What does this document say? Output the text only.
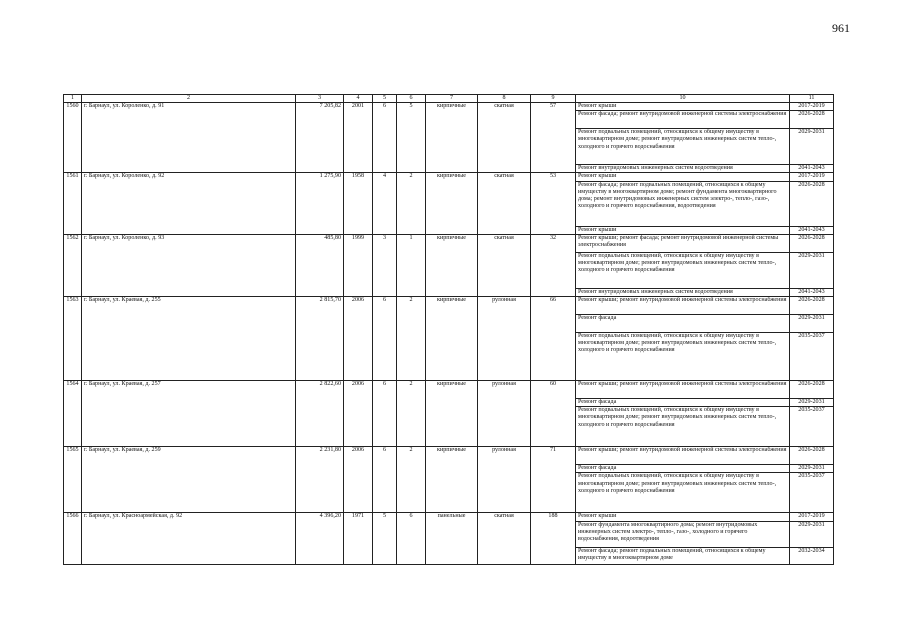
961
1	2	3	4	5	6	7	8	9	10	11
1560	г. Барнаул, ул. Короленко, д. 91	7 205,82	2001	6	5	кирпичные	скатная	57	Ремонт крыши	2017-2019
									Ремонт фасада; ремонт внутридомовой инженерной системы электроснабжения	2026-2028
									Ремонт подвальных помещений, относящихся к общему имуществу в многоквартирном доме; ремонт внутридомовых инженерных систем тепло-, холодного и горячего водоснабжения	2029-2031
									Ремонт внутридомовых инженерных систем водоотведения	2041-2043
1561	г. Барнаул, ул. Короленко, д. 92	1 275,90	1958	4	2	кирпичные	скатная	53	Ремонт крыши	2017-2019
									Ремонт фасада; ремонт подвальных помещений, относящихся к общему имуществу в многоквартирном доме; ремонт фундамента многоквартирного дома; ремонт внутридомовых инженерных систем электро-, тепло-, газо-, холодного и горячего водоснабжения, водоотведения	2026-2028
									Ремонт крыши	2041-2043
1562	г. Барнаул, ул. Короленко, д. 93	485,80	1999	3	1	кирпичные	скатная	32	Ремонт крыши; ремонт фасада; ремонт внутридомовой инженерной системы электроснабжения	2026-2028
									Ремонт подвальных помещений, относящихся к общему имуществу в многоквартирном доме; ремонт внутридомовых инженерных систем тепло-, холодного и горячего водоснабжения	2029-2031
									Ремонт внутридомовых инженерных систем водоотведения	2041-2043
1563	г. Барнаул, ул. Краевая, д. 255	2 815,70	2006	6	2	кирпичные	рулонная	66	Ремонт крыши; ремонт внутридомовой инженерной системы электроснабжения	2026-2028
									Ремонт фасада	2029-2031
									Ремонт подвальных помещений, относящихся к общему имуществу в многоквартирном доме; ремонт внутридомовых инженерных систем тепло-, холодного и горячего водоснабжения	2035-2037
1564	г. Барнаул, ул. Краевая, д. 257	2 822,60	2006	6	2	кирпичные	рулонная	60	Ремонт крыши; ремонт внутридомовой инженерной системы электроснабжения	2026-2028
									Ремонт фасада	2029-2031
									Ремонт подвальных помещений, относящихся к общему имуществу в многоквартирном доме; ремонт внутридомовых инженерных систем тепло-, холодного и горячего водоснабжения	2035-2037
1565	г. Барнаул, ул. Краевая, д. 259	2 231,80	2006	6	2	кирпичные	рулонная	71	Ремонт крыши; ремонт внутридомовой инженерной системы электроснабжения	2026-2028
									Ремонт фасада	2029-2031
									Ремонт подвальных помещений, относящихся к общему имуществу в многоквартирном доме; ремонт внутридомовых инженерных систем тепло-, холодного и горячего водоснабжения	2035-2037
1566	г. Барнаул, ул. Красноармейская, д. 92	4 396,20	1971	5	6	панельные	скатная	188	Ремонт крыши	2017-2019
									Ремонт фундамента многоквартирного дома; ремонт внутридомовых инженерных систем электро-, тепло-, газо-, холодного и горячего водоснабжения, водоотведения	2029-2031
									Ремонт фасада; ремонт подвальных помещений, относящихся к общему имуществу в многоквартирном доме	2032-2034
